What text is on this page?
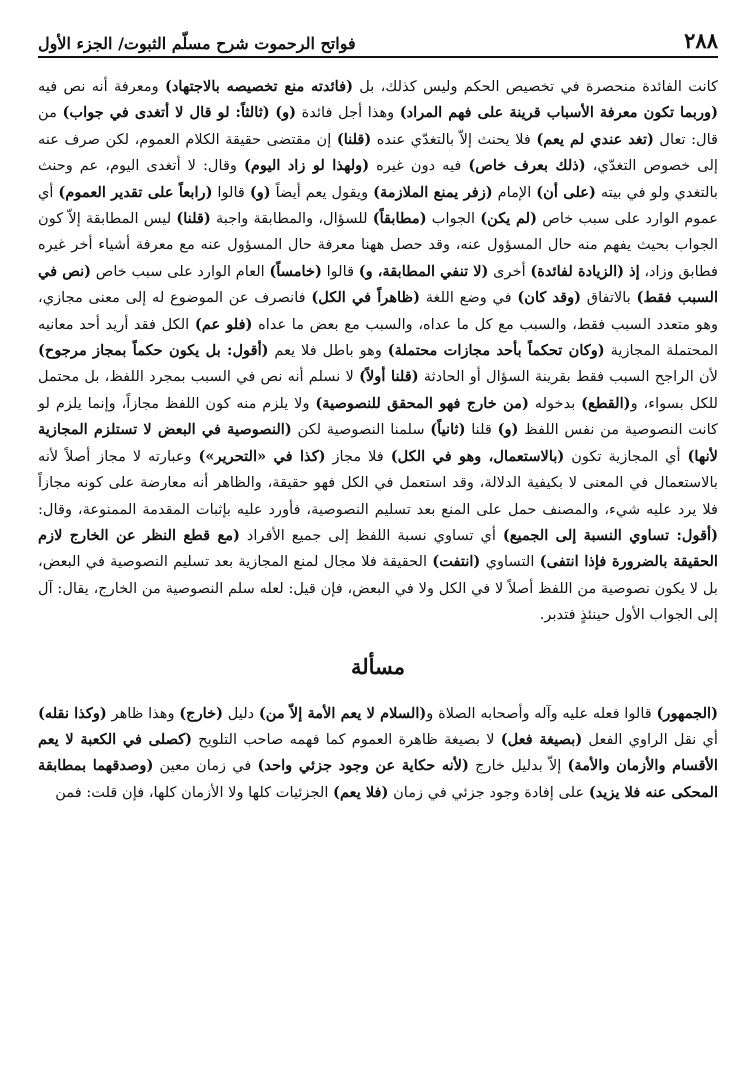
٢٨٨
فواتح الرحموت شرح مسلّم الثبوت/ الجزء الأول

كانت الفائدة منحصرة في تخصيص الحكم وليس كذلك، بل (فائدته منع تخصيصه بالاجتهاد) ومعرفة أنه نص فيه (وربما تكون معرفة الأسباب قرينة على فهم المراد) وهذا أجل فائدة (و) (ثالثاً: لو قال لا أتغدى في جواب) من قال: تعال (تغد عندي لم يعم) فلا يحنث إلاّ بالتغدّي عنده (قلنا) إن مقتضى حقيقة الكلام العموم، لكن صرف عنه إلى خصوص التغدّي، (ذلك بعرف خاص) فيه دون غيره (ولهذا لو زاد اليوم) وقال: لا أتغدى اليوم، عم وحنث بالتغدي ولو في بيته (على أن) الإمام (زفر يمنع الملازمة) ويقول يعم أيضاً (و) قالوا (رابعاً على تقدير العموم) أي عموم الوارد على سبب خاص (لم يكن) الجواب (مطابقاً) للسؤال، والمطابقة واجبة (قلنا) ليس المطابقة إلاّ كون الجواب بحيث يفهم منه حال المسؤول عنه، وقد حصل ههنا معرفة حال المسؤول عنه مع معرفة أشياء أخر غيره فطابق وزاد، إذ (الزيادة لفائدة) أخرى (لا تنفي المطابقة، و) قالوا (خامساً) العام الوارد على سبب خاص (نص في السبب فقط) بالاتفاق (وقد كان) في وضع اللغة (ظاهراً في الكل) فانصرف عن الموضوع له إلى معنى مجازي، وهو متعدد السبب فقط، والسبب مع كل ما عداه، والسبب مع بعض ما عداه (فلو عم) الكل فقد أريد أحد معانيه المحتملة المجازية (وكان تحكماً بأحد مجازات محتملة) وهو باطل فلا يعم (أقول: بل يكون حكماً بمجاز مرجوح) لأن الراجح السبب فقط بقرينة السؤال أو الحادثة (قلنا أولاً) لا نسلم أنه نص في السبب بمجرد اللفظ، بل محتمل للكل بسواء، و(القطع) بدخوله (من خارج فهو المحقق للنصوصية) ولا يلزم منه كون اللفظ مجازاً، وإنما يلزم لو كانت النصوصية من نفس اللفظ (و) قلنا (ثانياً) سلمنا النصوصية لكن (النصوصية في البعض لا تستلزم المجازية لأنها) أي المجازية تكون (بالاستعمال، وهو في الكل) فلا مجاز (كذا في «التحرير») وعبارته لا مجاز أصلاً لأنه بالاستعمال في المعنى لا بكيفية الدلالة، وقد استعمل في الكل فهو حقيقة، والظاهر أنه معارضة على كونه مجازاً فلا يرد عليه شيء، والمصنف حمل على المنع بعد تسليم النصوصية، فأورد عليه بإثبات المقدمة الممنوعة، وقال: (أقول: تساوي النسبة إلى الجميع) أي تساوي نسبة اللفظ إلى جميع الأفراد (مع قطع النظر عن الخارج لازم الحقيقة بالضرورة فإذا انتفى) التساوي (انتفت) الحقيقة فلا مجال لمنع المجازية بعد تسليم النصوصية في البعض، بل لا يكون نصوصية من اللفظ أصلاً لا في الكل ولا في البعض، فإن قيل: لعله سلم النصوصية من الخارج، يقال: آل إلى الجواب الأول حينئذٍ فتدبر.

مسألة

(الجمهور) قالوا فعله عليه وآله وأصحابه الصلاة و(السلام لا يعم الأمة إلاّ من) دليل (خارج) وهذا ظاهر (وكذا نقله) أي نقل الراوي الفعل (بصيغة فعل) لا بصيغة ظاهرة العموم كما فهمه صاحب التلويح (كصلى في الكعبة لا يعم الأقسام والأزمان والأمة) إلاّ بدليل خارج (لأنه حكاية عن وجود جزئي واحد) في زمان معين (وصدقهما بمطابقة المحكى عنه فلا يزيد) على إفادة وجود جزئي في زمان (فلا يعم) الجزئيات كلها ولا الأزمان كلها، فإن قلت: فمن
